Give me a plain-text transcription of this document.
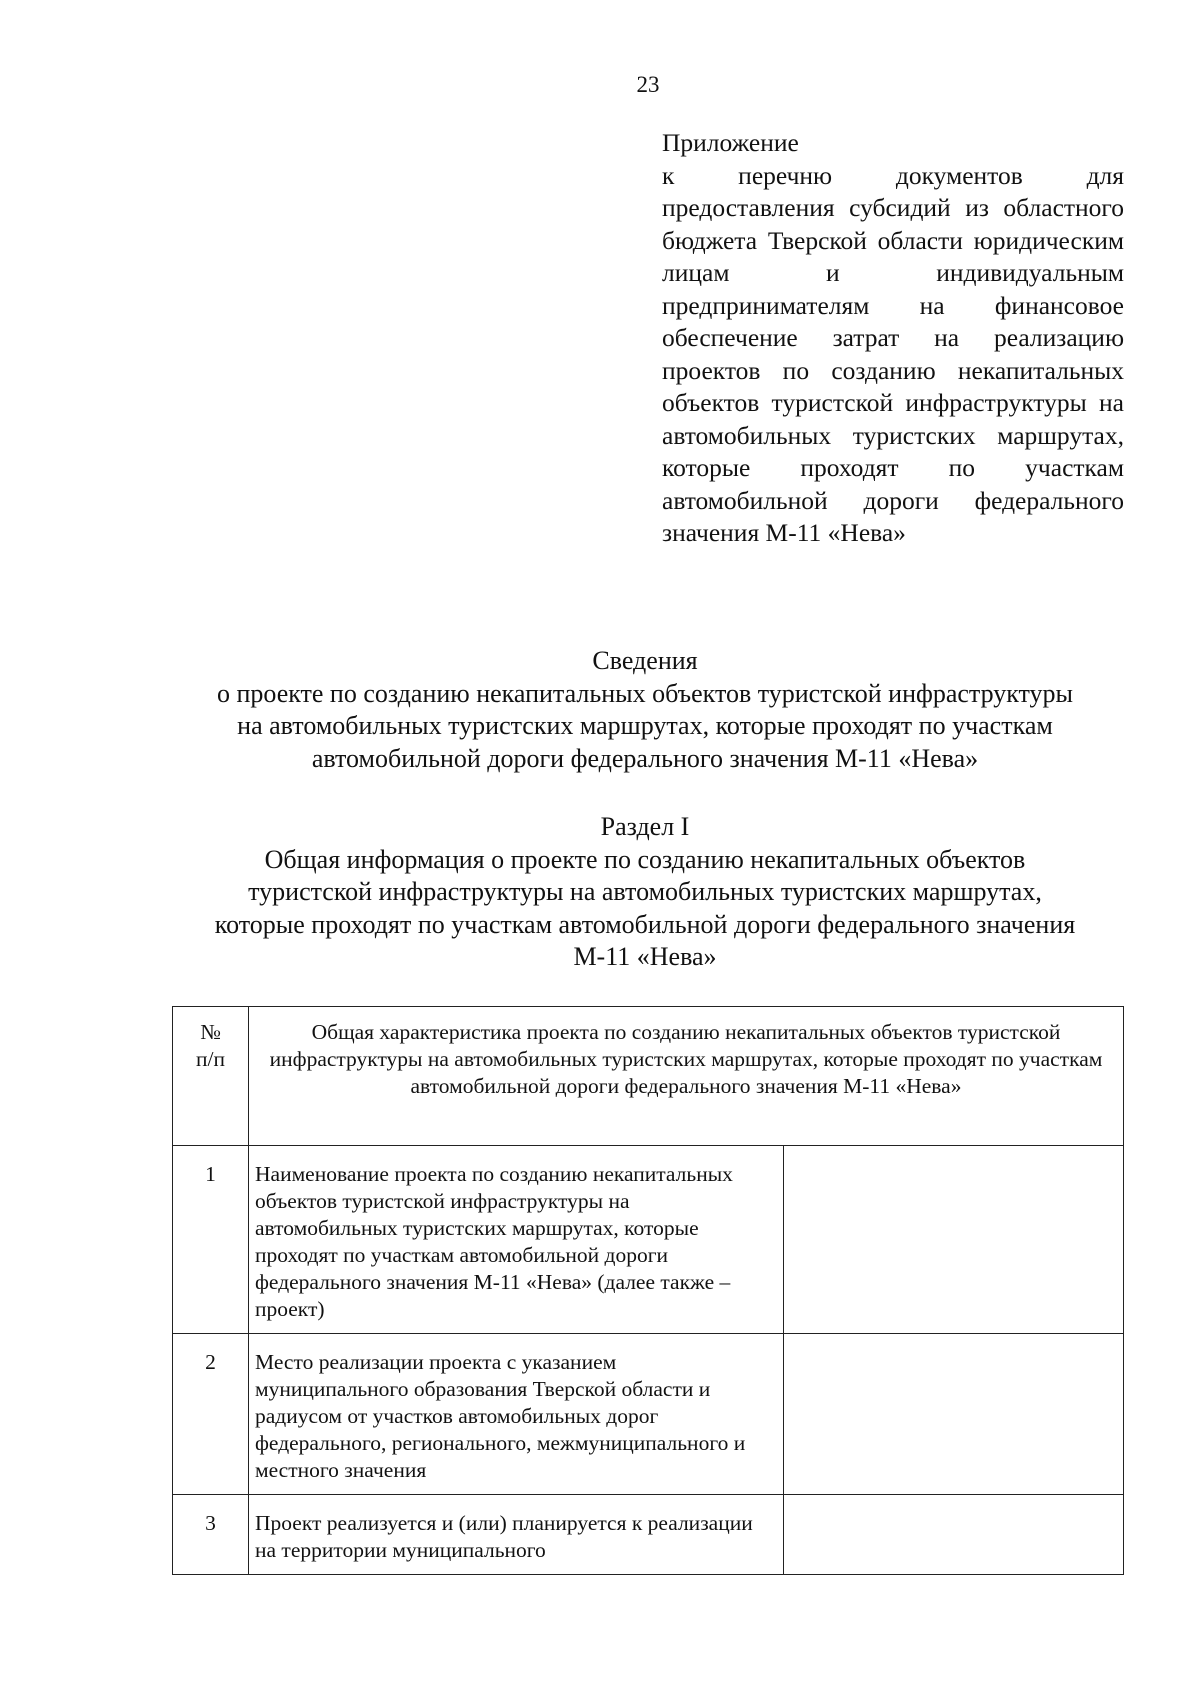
23
Приложение
к перечню документов для предоставления субсидий из областного бюджета Тверской области юридическим лицам и индивидуальным предпринимателям на финансовое обеспечение затрат на реализацию проектов по созданию некапитальных объектов туристской инфраструктуры на автомобильных туристских маршрутах, которые проходят по участкам автомобильной дороги федерального значения М-11 «Нева»
Сведения
о проекте по созданию некапитальных объектов туристской инфраструктуры
на автомобильных туристских маршрутах, которые проходят по участкам
автомобильной дороги федерального значения М-11 «Нева»
Раздел I
Общая информация о проекте по созданию некапитальных объектов
туристской инфраструктуры на автомобильных туристских маршрутах,
которые проходят по участкам автомобильной дороги федерального значения
М-11 «Нева»
№
п/п	Общая характеристика проекта по созданию некапитальных объектов туристской инфраструктуры на автомобильных туристских маршрутах, которые проходят по участкам автомобильной дороги федерального значения М-11 «Нева»	
1	Наименование проекта по созданию некапитальных объектов туристской инфраструктуры на автомобильных туристских маршрутах, которые проходят по участкам автомобильной дороги федерального значения М-11 «Нева» (далее также – проект)	
2	Место реализации проекта с указанием муниципального образования Тверской области и радиусом от участков автомобильных дорог федерального, регионального, межмуниципального и местного значения	
3	Проект реализуется и (или) планируется к реализации на территории муниципального	
